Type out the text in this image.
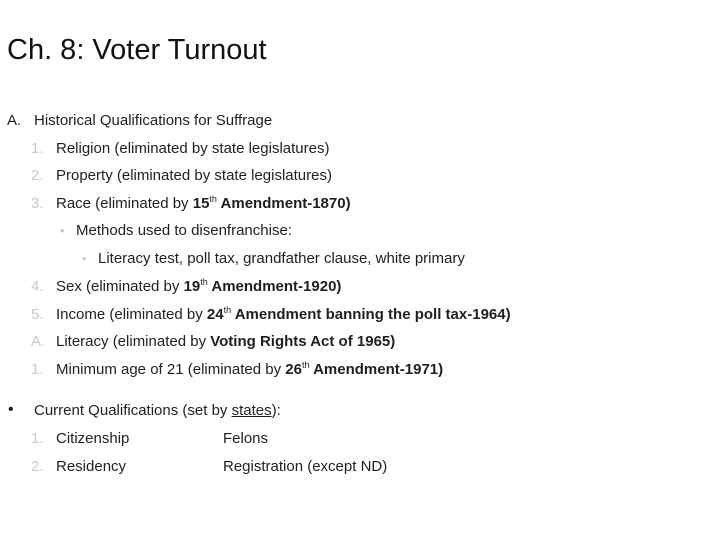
Ch. 8: Voter Turnout
A. Historical Qualifications for Suffrage
1. Religion (eliminated by state legislatures)
2. Property (eliminated by state legislatures)
3. Race (eliminated by 15th Amendment-1870)
• Methods used to disenfranchise:
• Literacy test, poll tax, grandfather clause, white primary
4. Sex (eliminated by 19th Amendment-1920)
5. Income (eliminated by 24th Amendment banning the poll tax-1964)
A. Literacy (eliminated by Voting Rights Act of 1965)
1. Minimum age of 21 (eliminated by 26th Amendment-1971)
• Current Qualifications (set by states):
1. Citizenship	Felons
2. Residency	Registration (except ND)
